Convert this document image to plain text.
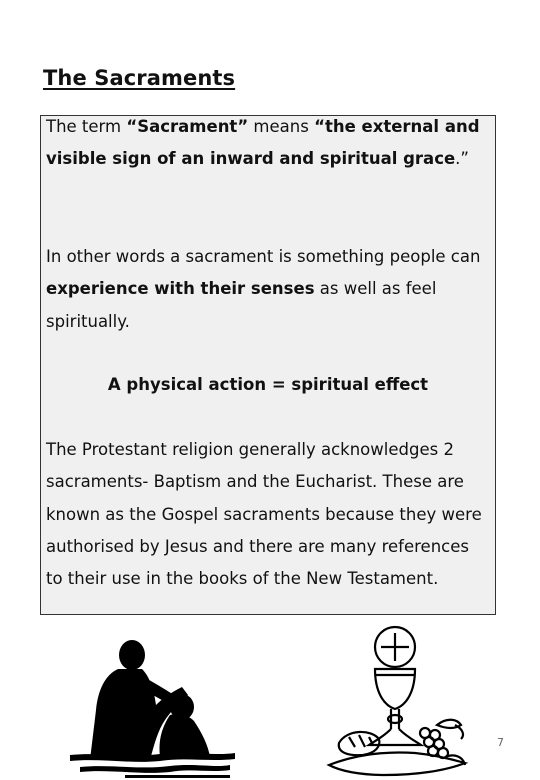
The Sacraments

The term “Sacrament” means “the external and visible sign of an inward and spiritual grace.”

In other words a sacrament is something people can experience with their senses as well as feel spiritually.

A physical action = spiritual effect

The Protestant religion generally acknowledges 2 sacraments- Baptism and the Eucharist. These are known as the Gospel sacraments because they were authorised by Jesus and there are many references to their use in the books of the New Testament.

7
